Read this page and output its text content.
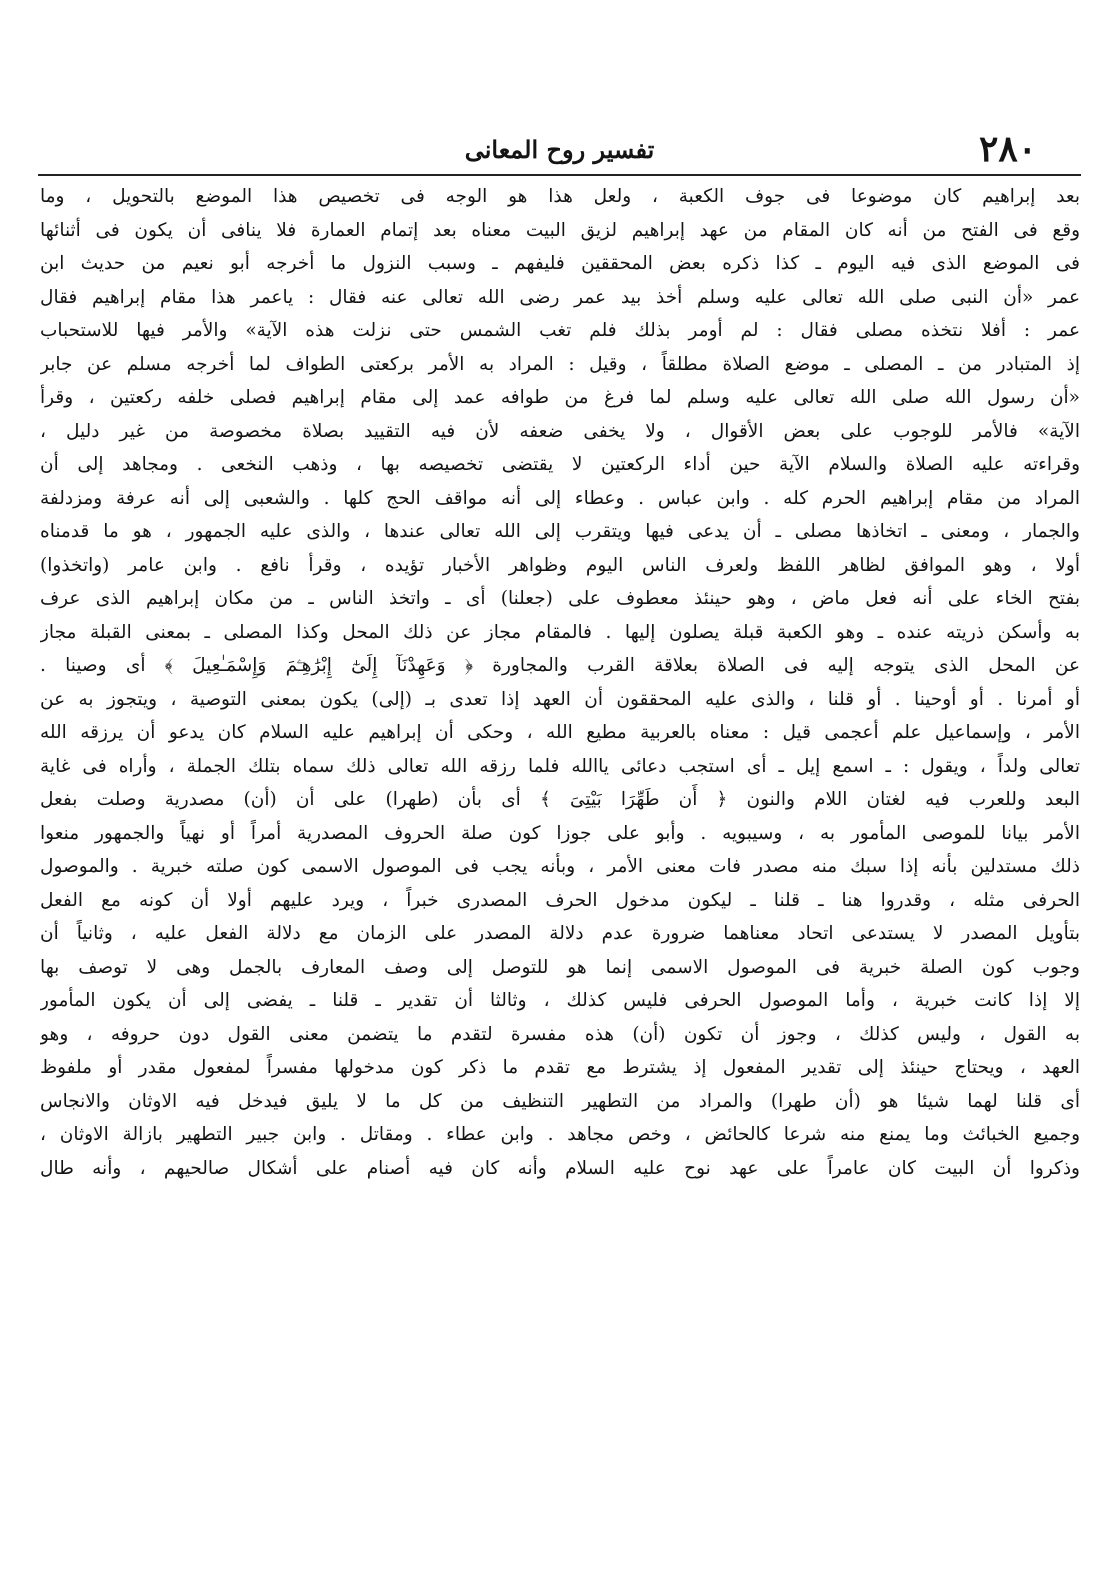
٢٨٠
تفسير روح المعانى
بعد إبراهيم كان موضوعا فى جوف الكعبة ، ولعل هذا هو الوجه فى تخصيص هذا الموضع بالتحويل ، وما
وقع فى الفتح من أنه كان المقام من عهد إبراهيم لزيق البيت معناه بعد إتمام العمارة فلا ينافى أن يكون فى أثنائها
فى الموضع الذى فيه اليوم ـ كذا ذكره بعض المحققين فليفهم ـ وسبب النزول ما أخرجه أبو نعيم من حديث ابن
عمر «أن النبى صلى الله تعالى عليه وسلم أخذ بيد عمر رضى الله تعالى عنه فقال : ياعمر هذا مقام إبراهيم فقال
عمر : أفلا نتخذه مصلى فقال : لم أومر بذلك فلم تغب الشمس حتى نزلت هذه الآية» والأمر فيها للاستحباب
إذ المتبادر من ـ المصلى ـ موضع الصلاة مطلقاً ، وقيل : المراد به الأمر بركعتى الطواف لما أخرجه مسلم عن جابر
«أن رسول الله صلى الله تعالى عليه وسلم لما فرغ من طوافه عمد إلى مقام إبراهيم فصلى خلفه ركعتين ، وقرأ
الآية» فالأمر للوجوب على بعض الأقوال ، ولا يخفى ضعفه لأن فيه التقييد بصلاة مخصوصة من غير دليل ،
وقراءته عليه الصلاة والسلام الآية حين أداء الركعتين لا يقتضى تخصيصه بها ، وذهب النخعى . ومجاهد إلى أن
المراد من مقام إبراهيم الحرم كله . وابن عباس . وعطاء إلى أنه مواقف الحج كلها . والشعبى إلى أنه عرفة ومزدلفة
والجمار ، ومعنى ـ اتخاذها مصلى ـ أن يدعى فيها ويتقرب إلى الله تعالى عندها ، والذى عليه الجمهور ، هو ما قدمناه
أولا ، وهو الموافق لظاهر اللفظ ولعرف الناس اليوم وظواهر الأخبار تؤيده ، وقرأ نافع . وابن عامر (واتخذوا)
بفتح الخاء على أنه فعل ماض ، وهو حينئذ معطوف على (جعلنا) أى ـ واتخذ الناس ـ من مكان إبراهيم الذى عرف
به وأسكن ذريته عنده ـ وهو الكعبة قبلة يصلون إليها . فالمقام مجاز عن ذلك المحل وكذا المصلى ـ بمعنى القبلة مجاز
عن المحل الذى يتوجه إليه فى الصلاة بعلاقة القرب والمجاورة ﴿ وَعَهِدْنَآ إِلَىٰٓ إِبْرَٰهِـۧمَ وَإِسْمَـٰعِيلَ ﴾ أى وصينا .
أو أمرنا . أو أوحينا . أو قلنا ، والذى عليه المحققون أن العهد إذا تعدى بـ (إلى) يكون بمعنى التوصية ، ويتجوز به عن
الأمر ، وإسماعيل علم أعجمى قيل : معناه بالعربية مطيع الله ، وحكى أن إبراهيم عليه السلام كان يدعو أن يرزقه الله
تعالى ولداً ، ويقول : ـ اسمع إيل ـ أى استجب دعائى ياالله فلما رزقه الله تعالى ذلك سماه بتلك الجملة ، وأراه فى غاية
البعد وللعرب فيه لغتان اللام والنون ﴿ أَن طَهِّرَا بَيْتِىَ ﴾ أى بأن (طهرا) على أن (أن) مصدرية وصلت بفعل
الأمر بيانا للموصى المأمور به ، وسيبويه . وأبو على جوزا كون صلة الحروف المصدرية أمراً أو نهياً والجمهور منعوا
ذلك مستدلين بأنه إذا سبك منه مصدر فات معنى الأمر ، وبأنه يجب فى الموصول الاسمى كون صلته خبرية . والموصول
الحرفى مثله ، وقدروا هنا ـ قلنا ـ ليكون مدخول الحرف المصدرى خبراً ، ويرد عليهم أولا أن كونه مع الفعل
بتأويل المصدر لا يستدعى اتحاد معناهما ضرورة عدم دلالة المصدر على الزمان مع دلالة الفعل عليه ، وثانياً أن
وجوب كون الصلة خبرية فى الموصول الاسمى إنما هو للتوصل إلى وصف المعارف بالجمل وهى لا توصف بها
إلا إذا كانت خبرية ، وأما الموصول الحرفى فليس كذلك ، وثالثا أن تقدير ـ قلنا ـ يفضى إلى أن يكون المأمور
به القول ، وليس كذلك ، وجوز أن تكون (أن) هذه مفسرة لتقدم ما يتضمن معنى القول دون حروفه ، وهو
العهد ، ويحتاج حينئذ إلى تقدير المفعول إذ يشترط مع تقدم ما ذكر كون مدخولها مفسراً لمفعول مقدر أو ملفوظ
أى قلنا لهما شيئا هو (أن طهرا) والمراد من التطهير التنظيف من كل ما لا يليق فيدخل فيه الاوثان والانجاس
وجميع الخبائث وما يمنع منه شرعا كالحائض ، وخص مجاهد . وابن عطاء . ومقاتل . وابن جبير التطهير بازالة الاوثان ،
وذكروا أن البيت كان عامراً على عهد نوح عليه السلام وأنه كان فيه أصنام على أشكال صالحيهم ، وأنه طال
